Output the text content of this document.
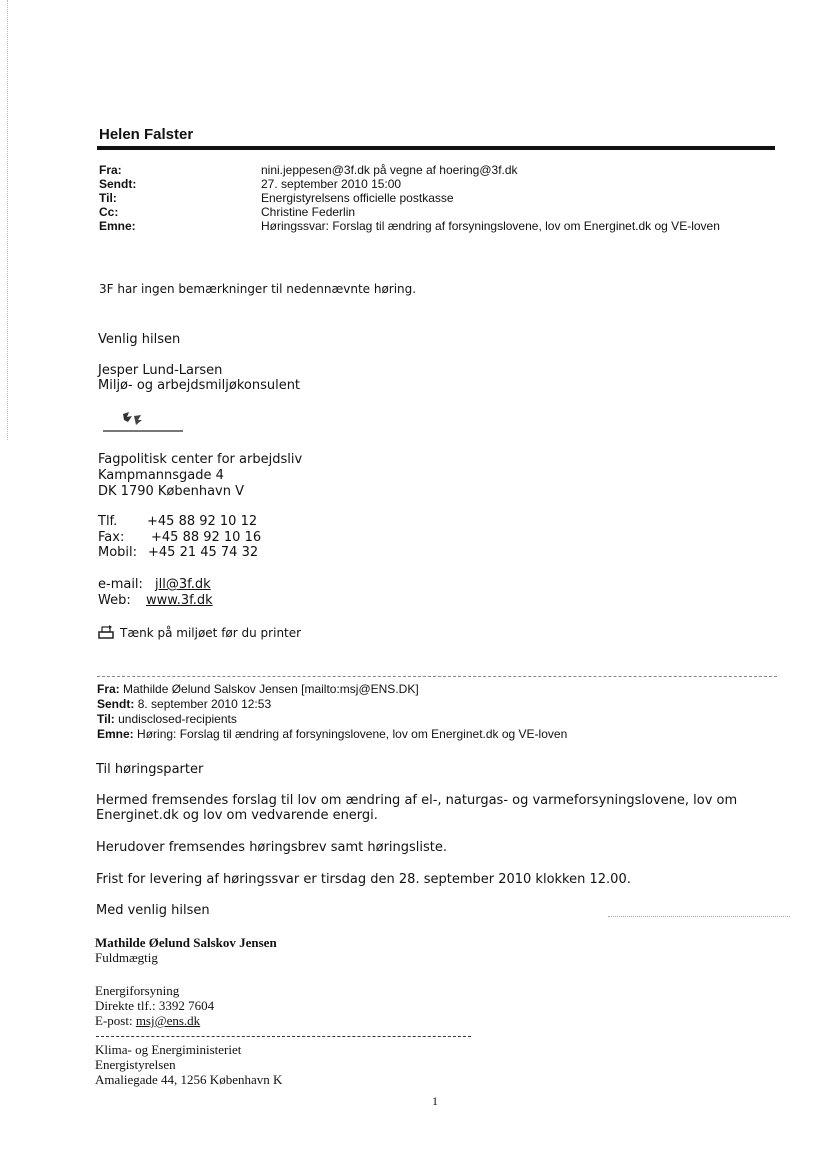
Helen Falster
Fra:
Sendt:
Til:
Cc:
Emne:
nini.jeppesen@3f.dk på vegne af hoering@3f.dk
27. september 2010 15:00
Energistyrelsens officielle postkasse
Christine Federlin
Høringssvar: Forslag til ændring af forsyningslovene, lov om Energinet.dk og VE-loven
3F har ingen bemærkninger til nedennævnte høring.
Venlig hilsen
Jesper Lund-Larsen
Miljø- og arbejdsmiljøkonsulent
Fagpolitisk center for arbejdsliv
Kampmannsgade 4
DK 1790 København V
Tlf. +45 88 92 10 12
Fax: +45 88 92 10 16
Mobil: +45 21 45 74 32
e-mail: jll@3f.dk
Web: www.3f.dk
Tænk på miljøet før du printer
Fra: Mathilde Øelund Salskov Jensen [mailto:msj@ENS.DK]
Sendt: 8. september 2010 12:53
Til: undisclosed-recipients
Emne: Høring: Forslag til ændring af forsyningslovene, lov om Energinet.dk og VE-loven
Til høringsparter
Hermed fremsendes forslag til lov om ændring af el-, naturgas- og varmeforsyningslovene, lov om
Energinet.dk og lov om vedvarende energi.
Herudover fremsendes høringsbrev samt høringsliste.
Frist for levering af høringssvar er tirsdag den 28. september 2010 klokken 12.00.
Med venlig hilsen
Mathilde Øelund Salskov Jensen
Fuldmægtig
Energiforsyning
Direkte tlf.: 3392 7604
E-post: msj@ens.dk
Klima- og Energiministeriet
Energistyrelsen
Amaliegade 44, 1256 København K
1
